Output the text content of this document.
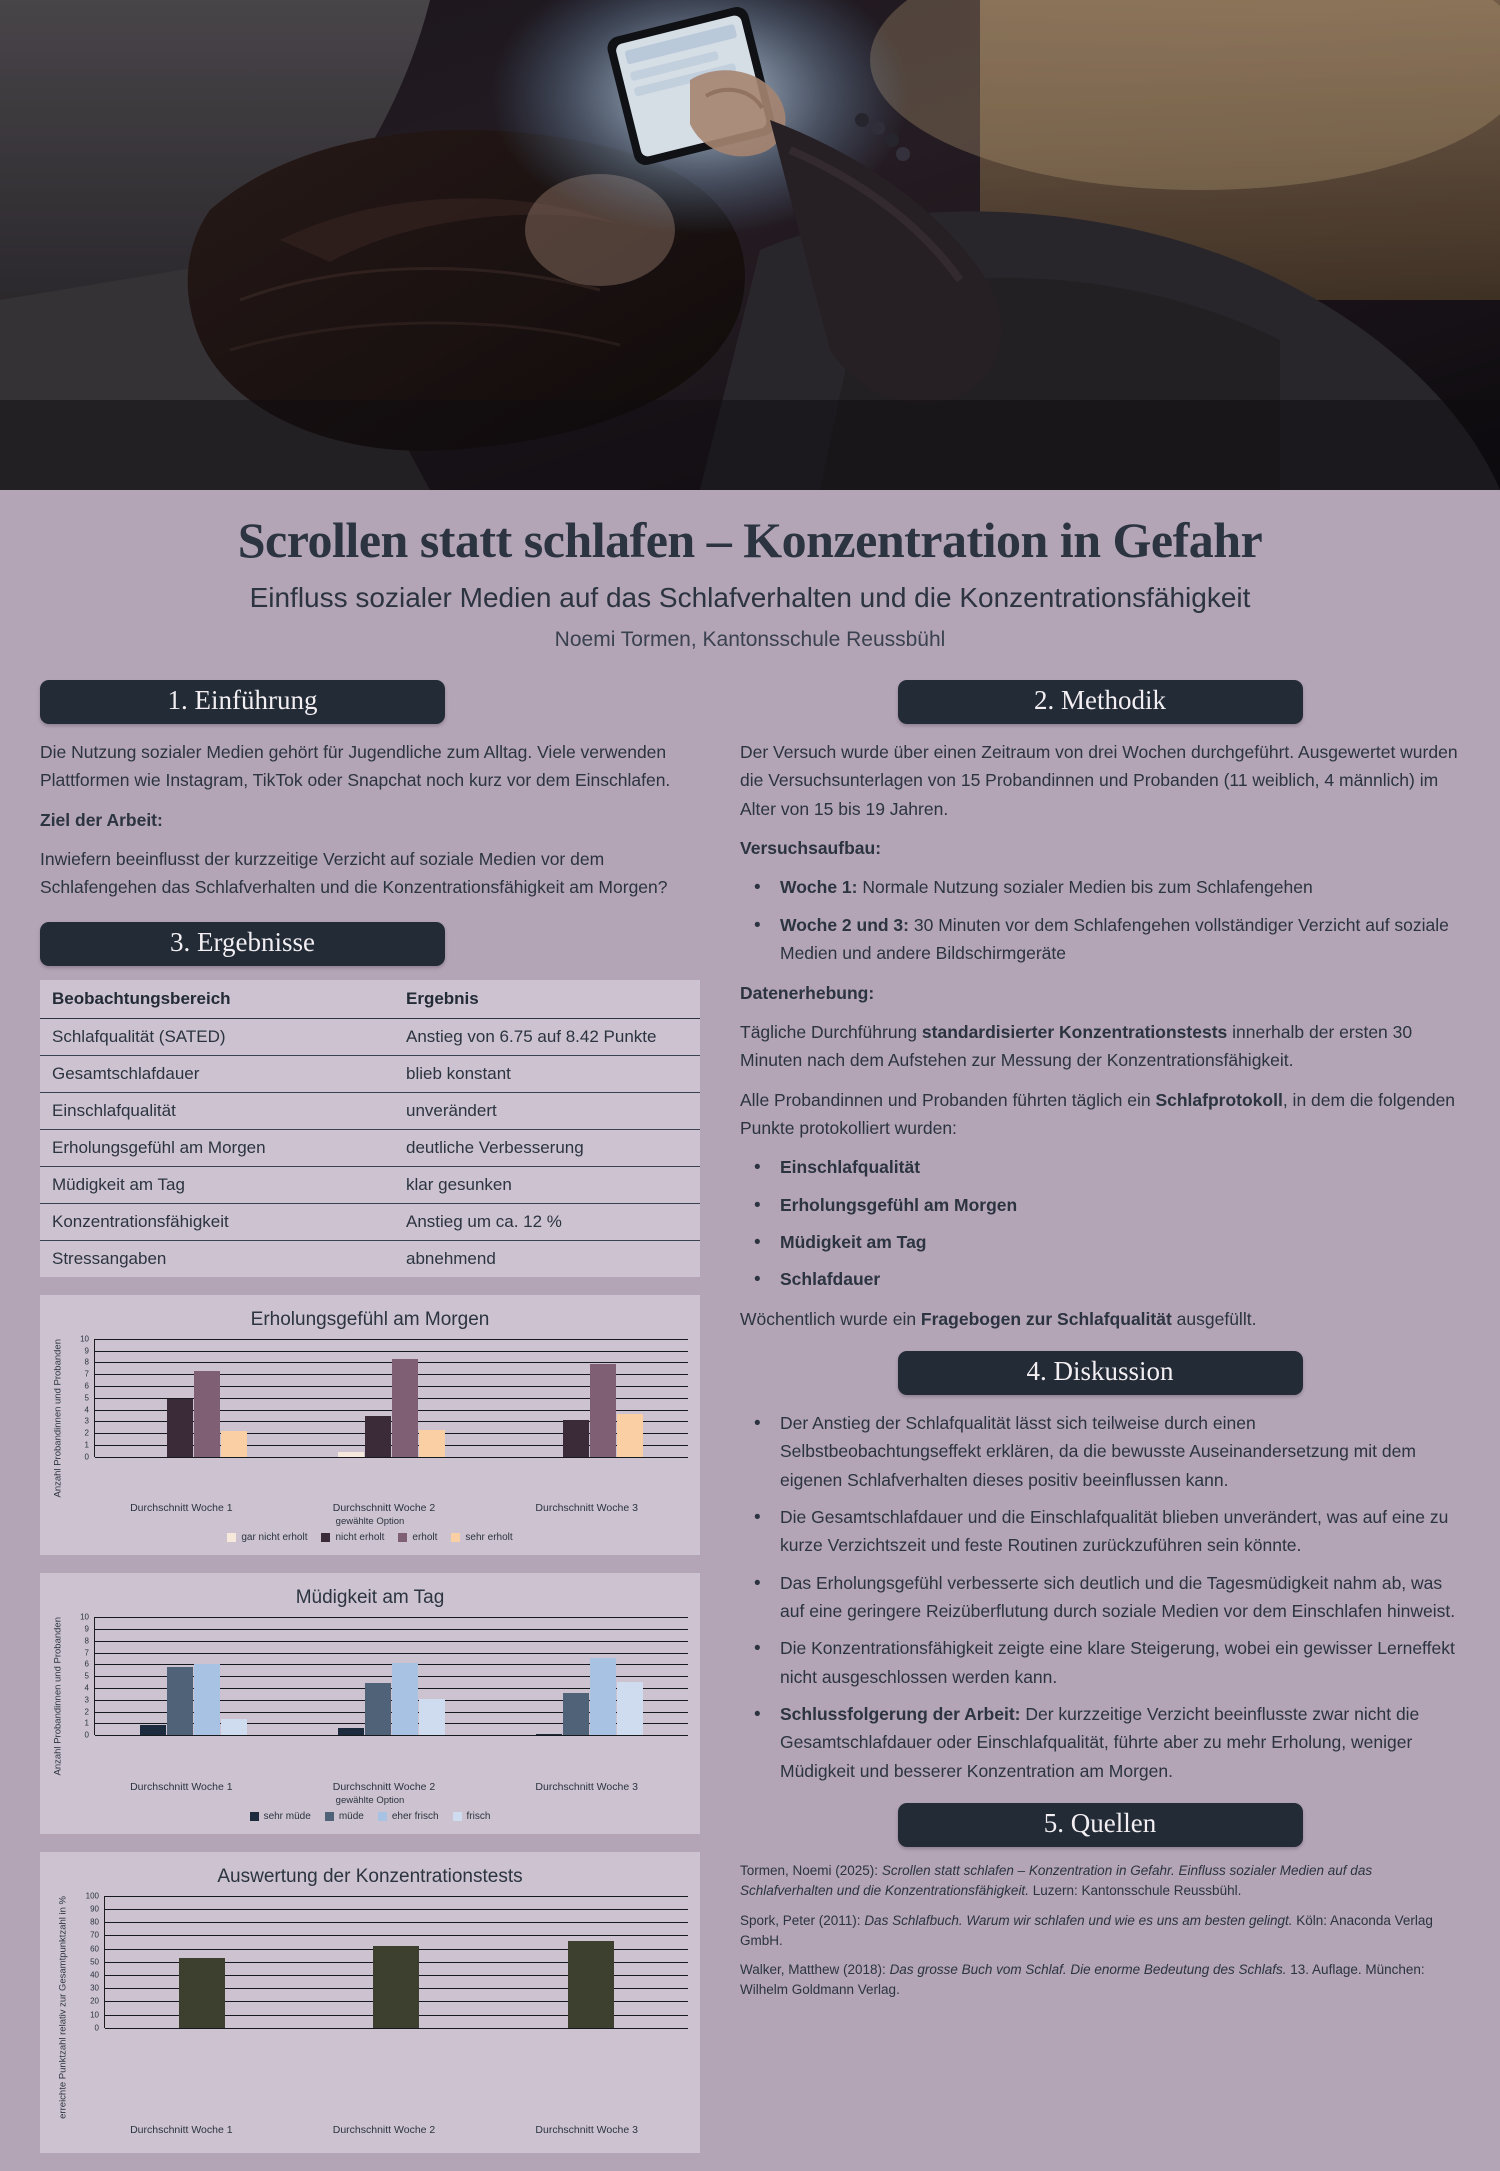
Scrollen statt schlafen – Konzentration in Gefahr
Einfluss sozialer Medien auf das Schlafverhalten und die Konzentrationsfähigkeit
Noemi Tormen, Kantonsschule Reussbühl
1. Einführung

Die Nutzung sozialer Medien gehört für Jugendliche zum Alltag. Viele verwenden Plattformen wie Instagram, TikTok oder Snapchat noch kurz vor dem Einschlafen.

Ziel der Arbeit:

Inwiefern beeinflusst der kurzzeitige Verzicht auf soziale Medien vor dem Schlafengehen das Schlafverhalten und die Konzentrationsfähigkeit am Morgen?

3. Ergebnisse
Beobachtungsbereich	Ergebnis
Schlafqualität (SATED)	Anstieg von 6.75 auf 8.42 Punkte
Gesamtschlafdauer	blieb konstant
Einschlafqualität	unverändert
Erholungsgefühl am Morgen	deutliche Verbesserung
Müdigkeit am Tag	klar gesunken
Konzentrationsfähigkeit	Anstieg um ca. 12 %
Stressangaben	abnehmend
Erholungsgefühl am Morgen
Anzahl Probandinnen und Probanden	0
1
2
3
4
5
6
7
8
9
10
Durchschnitt Woche 1	Durchschnitt Woche 2	Durchschnitt Woche 3
gewählte Option
gar nicht erholt	nicht erholt	erholt	sehr erholt
Müdigkeit am Tag
Anzahl Probandinnen und Probanden	0
1
2
3
4
5
6
7
8
9
10
Durchschnitt Woche 1	Durchschnitt Woche 2	Durchschnitt Woche 3
gewählte Option
sehr müde	müde	eher frisch	frisch
Auswertung der Konzentrationstests
erreichte Punktzahl relativ zur Gesamtpunktzahl in %	0
10
20
30
40
50
60
70
80
90
100
Durchschnitt Woche 1	Durchschnitt Woche 2	Durchschnitt Woche 3
2. Methodik

Der Versuch wurde über einen Zeitraum von drei Wochen durchgeführt. Ausgewertet wurden die Versuchsunterlagen von 15 Probandinnen und Probanden (11 weiblich, 4 männlich) im Alter von 15 bis 19 Jahren.

Versuchsaufbau:

• Woche 1: Normale Nutzung sozialer Medien bis zum Schlafengehen
• Woche 2 und 3: 30 Minuten vor dem Schlafengehen vollständiger Verzicht auf soziale Medien und andere Bildschirmgeräte

Datenerhebung:

Tägliche Durchführung standardisierter Konzentrationstests innerhalb der ersten 30 Minuten nach dem Aufstehen zur Messung der Konzentrationsfähigkeit.

Alle Probandinnen und Probanden führten täglich ein Schlafprotokoll, in dem die folgenden Punkte protokolliert wurden:

• Einschlafqualität
• Erholungsgefühl am Morgen
• Müdigkeit am Tag
• Schlafdauer

Wöchentlich wurde ein Fragebogen zur Schlafqualität ausgefüllt.

4. Diskussion
• Der Anstieg der Schlafqualität lässt sich teilweise durch einen Selbstbeobachtungseffekt erklären, da die bewusste Auseinandersetzung mit dem eigenen Schlafverhalten dieses positiv beeinflussen kann.
• Die Gesamtschlafdauer und die Einschlafqualität blieben unverändert, was auf eine zu kurze Verzichtszeit und feste Routinen zurückzuführen sein könnte.
• Das Erholungsgefühl verbesserte sich deutlich und die Tagesmüdigkeit nahm ab, was auf eine geringere Reizüberflutung durch soziale Medien vor dem Einschlafen hinweist.
• Die Konzentrationsfähigkeit zeigte eine klare Steigerung, wobei ein gewisser Lerneffekt nicht ausgeschlossen werden kann.
• Schlussfolgerung der Arbeit: Der kurzzeitige Verzicht beeinflusste zwar nicht die Gesamtschlafdauer oder Einschlafqualität, führte aber zu mehr Erholung, weniger Müdigkeit und besserer Konzentration am Morgen.
5. Quellen

Tormen, Noemi (2025): Scrollen statt schlafen – Konzentration in Gefahr. Einfluss sozialer Medien auf das Schlafverhalten und die Konzentrationsfähigkeit. Luzern: Kantonsschule Reussbühl.

Spork, Peter (2011): Das Schlafbuch. Warum wir schlafen und wie es uns am besten gelingt. Köln: Anaconda Verlag GmbH.

Walker, Matthew (2018): Das grosse Buch vom Schlaf. Die enorme Bedeutung des Schlafs. 13. Auflage. München: Wilhelm Goldmann Verlag.
